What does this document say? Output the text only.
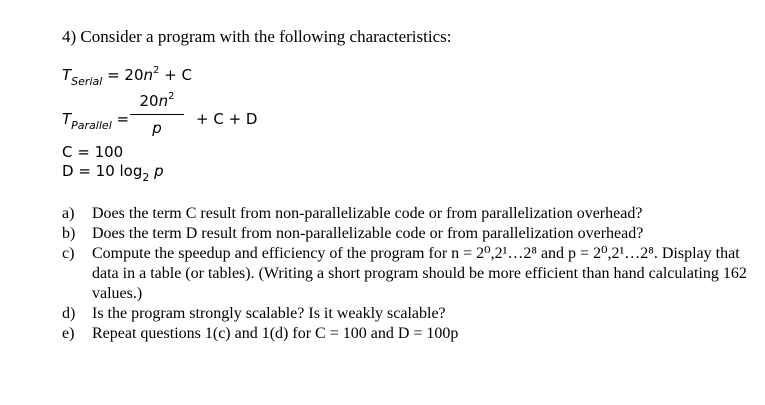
4) Consider a program with the following characteristics:
$T_{Serial} = 20n^2 + C$
$T_{Parallel}$ =
$20n^2$
p	+ C + D
C = 100
D = 10 $\log_2 p$
a) Does the term C result from non-parallelizable code or from parallelization overhead?
b) Does the term D result from non-parallelizable code or from parallelization overhead?
c) Compute the speedup and efficiency of the program for n = 2⁰,2¹…2⁸ and p = 2⁰,2¹…2⁸. Display that data in a table (or tables). (Writing a short program should be more efficient than hand calculating 162 values.)
d) Is the program strongly scalable? Is it weakly scalable?
e) Repeat questions 1(c) and 1(d) for C = 100 and D = 100p
